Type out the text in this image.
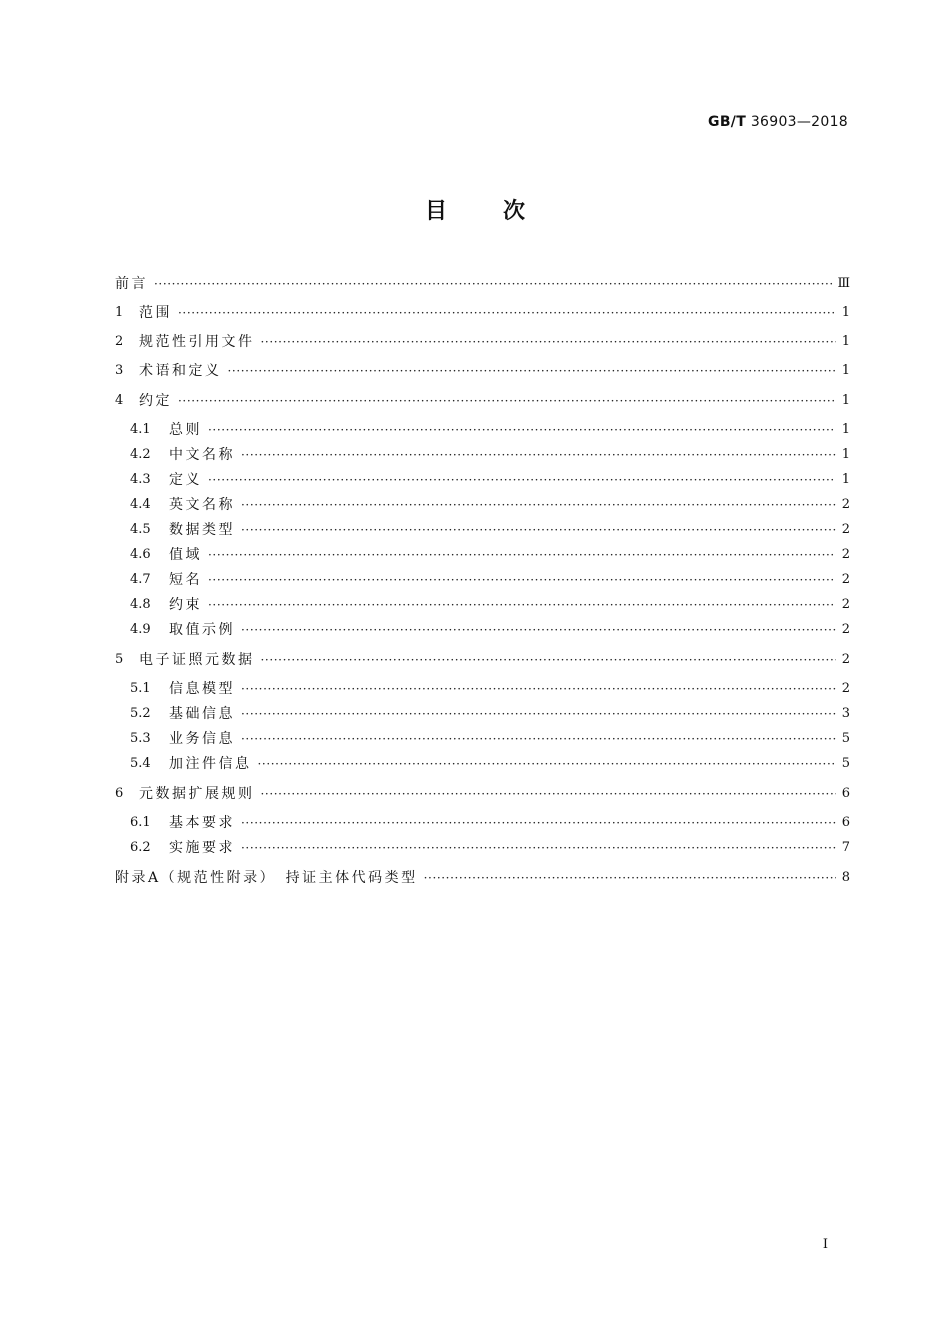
GB/T 36903—2018
目次
前言 ·····	Ⅲ
1	范围 ·····	1
2	规范性引用文件 ·····	1
3	术语和定义 ·····	1
4	约定 ·····	1
4.1	总则 ·····	1
4.2	中文名称 ·····	1
4.3	定义 ·····	1
4.4	英文名称 ·····	2
4.5	数据类型 ·····	2
4.6	值域 ·····	2
4.7	短名 ·····	2
4.8	约束 ·····	2
4.9	取值示例 ·····	2
5	电子证照元数据 ·····	2
5.1	信息模型 ·····	2
5.2	基础信息 ·····	3
5.3	业务信息 ·····	5
5.4	加注件信息 ·····	5
6	元数据扩展规则 ·····	6
6.1	基本要求 ·····	6
6.2	实施要求 ·····	7
附录A（规范性附录）　持证主体代码类型 ·····	8
Ⅰ
